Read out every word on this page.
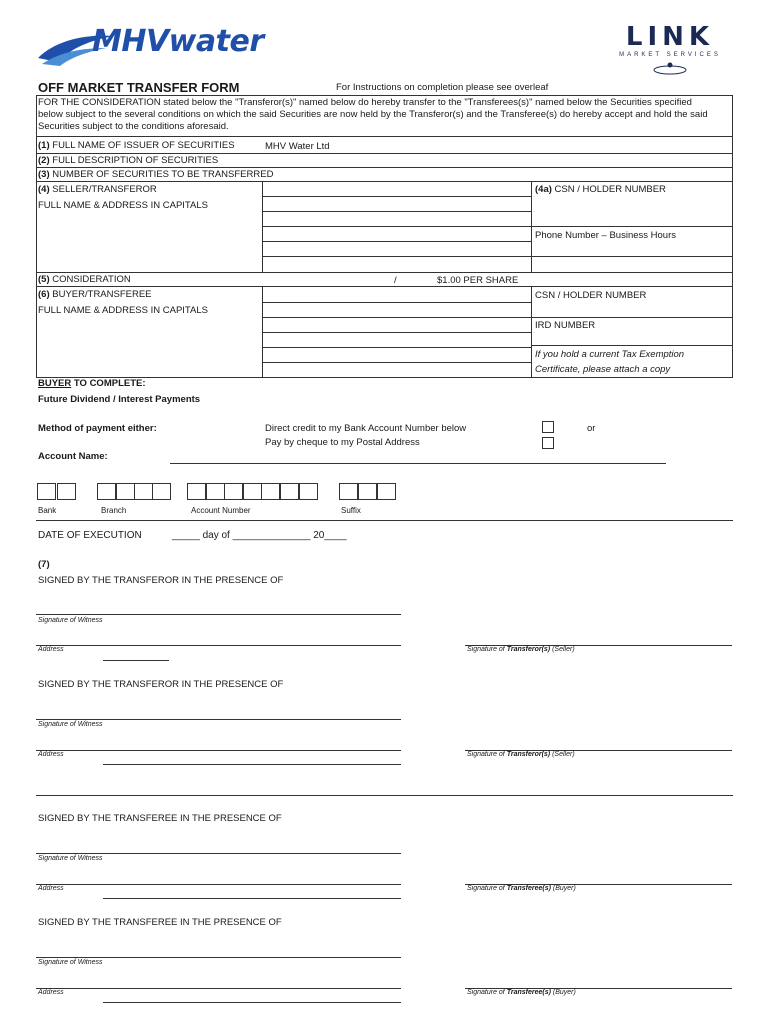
MHVwater	LINK
MARKET SERVICES
OFF MARKET TRANSFER FORM	For Instructions on completion please see overleaf
FOR THE CONSIDERATION stated below the "Transferor(s)" named below do hereby transfer to the "Transferees(s)" named below the Securities specified below subject to the several conditions on which the said Securities are now held by the Transferor(s) and the Transferee(s) do hereby accept and hold the said Securities subject to the conditions aforesaid.
(1) FULL NAME OF ISSUER OF SECURITIES	MHV Water Ltd
(2) FULL DESCRIPTION OF SECURITIES
(3) NUMBER OF SECURITIES TO BE TRANSFERRED
(4) SELLER/TRANSFEROR
FULL NAME & ADDRESS IN CAPITALS
(4a) CSN / HOLDER NUMBER
Phone Number – Business Hours
(5) CONSIDERATION	/	$1.00 PER SHARE
(6) BUYER/TRANSFEREE
FULL NAME & ADDRESS IN CAPITALS
CSN / HOLDER NUMBER
IRD NUMBER
If you hold a current Tax Exemption
Certificate, please attach a copy
BUYER TO COMPLETE:
Future Dividend / Interest Payments
Method of payment either:	Direct credit to my Bank Account Number below
Pay by cheque to my Postal Address
or
Account Name:
Bank	Branch	Account Number	Suffix
DATE OF EXECUTION	_____ day of ______________ 20____
(7)
SIGNED BY THE TRANSFEROR IN THE PRESENCE OF
Signature of Witness
Address	Signature of Transferor(s) (Seller)
SIGNED BY THE TRANSFEROR IN THE PRESENCE OF
Signature of Witness
Address	Signature of Transferor(s) (Seller)
SIGNED BY THE TRANSFEREE IN THE PRESENCE OF
Signature of Witness
Address	Signature of Transferee(s) (Buyer)
SIGNED BY THE TRANSFEREE IN THE PRESENCE OF
Signature of Witness
Address	Signature of Transferee(s) (Buyer)
